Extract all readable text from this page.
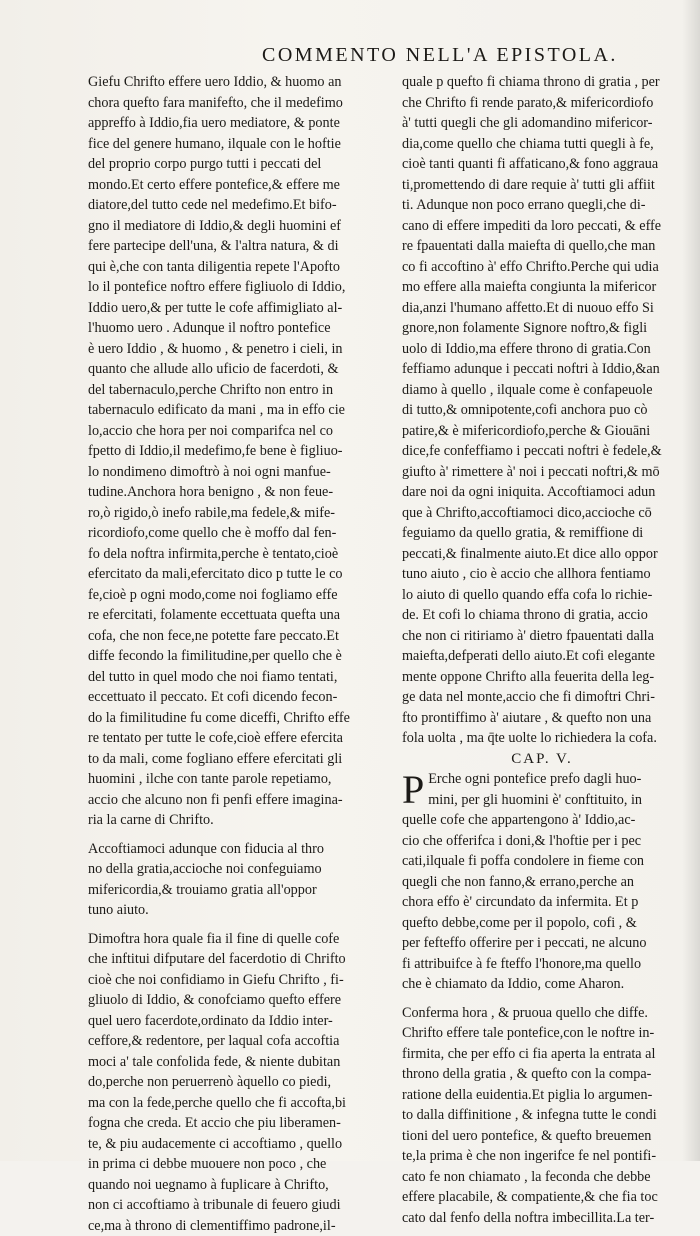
COMMENTO NELL'A EPISTOLA.
Giefu Chrifto effere uero Iddio, & huomo an
chora quefto fara manifefto, che il medefimo
appreffo à Iddio,fia uero mediatore, & ponte
fice del genere humano, ilquale con le hoftie
del proprio corpo purgo tutti i peccati del
mondo.Et certo effere pontefice,& effere me
diatore,del tutto cede nel medefimo.Et bifo-
gno il mediatore di Iddio,& degli huomini ef
fere partecipe dell'una, & l'altra natura, & di
qui è,che con tanta diligentia repete l'Apofto
lo il pontefice noftro effere figliuolo di Iddio,
Iddio uero,& per tutte le cofe affimigliato al-
l'huomo uero . Adunque il noftro pontefice
è uero Iddio , & huomo , & penetro i cieli, in
quanto che allude allo uficio de facerdoti, &
del tabernaculo,perche Chrifto non entro in
tabernaculo edificato da mani , ma in effo cie
lo,accio che hora per noi comparifca nel co
fpetto di Iddio,il medefimo,fe bene è figliuo-
lo nondimeno dimoftrò à noi ogni manfue-
tudine.Anchora hora benigno , & non feue-
ro,ò rigido,ò inefo rabile,ma fedele,& mife-
ricordiofo,come quello che è moffo dal fen-
fo dela noftra infirmita,perche è tentato,cioè
efercitato da mali,efercitato dico p tutte le co
fe,cioè p ogni modo,come noi fogliamo effe
re efercitati, folamente eccettuata quefta una
cofa, che non fece,ne potette fare peccato.Et
diffe fecondo la fimilitudine,per quello che è
del tutto in quel modo che noi fiamo tentati,
eccettuato il peccato. Et cofi dicendo fecon-
do la fimilitudine fu come diceffi, Chrifto effe
re tentato per tutte le cofe,cioè effere efercita
to da mali, come fogliano effere efercitati gli
huomini , ilche con tante parole repetiamo,
accio che alcuno non fi penfi effere imagina-
ria la carne di Chrifto.
Accoftiamoci adunque con fiducia al thro
no della gratia,accioche noi confeguiamo
mifericordia,& trouiamo gratia all'oppor
tuno aiuto.
Dimoftra hora quale fia il fine di quelle cofe
che inftitui difputare del facerdotio di Chrifto
cioè che noi confidiamo in Giefu Chrifto , fi-
gliuolo di Iddio, & conofciamo quefto effere
quel uero facerdote,ordinato da Iddio inter-
ceffore,& redentore, per laqual cofa accoftia
moci a' tale confolida fede, & niente dubitan
do,perche non peruerrenò àquello co piedi,
ma con la fede,perche quello che fi accofta,bi
fogna che creda. Et accio che piu liberamen-
te, & piu audacemente ci accoftiamo , quello
in prima ci debbe muouere non poco , che
quando noi uegnamo à fuplicare à Chrifto,
non ci accoftiamo à tribunale di feuero giudi
ce,ma à throno di clementiffimo padrone,il-
quale p quefto fi chiama throno di gratia , per
che Chrifto fi rende parato,& mifericordiofo
à' tutti quegli che gli adomandino mifericor-
dia,come quello che chiama tutti quegli à fe,
cioè tanti quanti fi affaticano,& fono aggraua
ti,promettendo di dare requie à' tutti gli affiit
ti. Adunque non poco errano quegli,che di-
cano di effere impediti da loro peccati, & effe
re fpauentati dalla maiefta di quello,che man
co fi accoftino à' effo Chrifto.Perche qui udia
mo effere alla maiefta congiunta la mifericor
dia,anzi l'humano affetto.Et di nuouo effo Si
gnore,non folamente Signore noftro,& figli
uolo di Iddio,ma effere throno di gratia.Con
feffiamo adunque i peccati noftri à Iddio,&an
diamo à quello , ilquale come è confapeuole
di tutto,& omnipotente,cofi anchora puo cò
patire,& è mifericordiofo,perche & Giouāni
dice,fe confeffiamo i peccati noftri è fedele,&
giufto à' rimettere à' noi i peccati noftri,& mō
dare noi da ogni iniquita. Accoftiamoci adun
que à Chrifto,accoftiamoci dico,accioche cō
feguiamo da quello gratia, & remiffione di
peccati,& finalmente aiuto.Et dice allo oppor
tuno aiuto , cio è accio che allhora fentiamo
lo aiuto di quello quando effa cofa lo richie-
de. Et cofi lo chiama throno di gratia, accio
che non ci ritiriamo à' dietro fpauentati dalla
maiefta,defperati dello aiuto.Et cofi elegante
mente oppone Chrifto alla feuerita della leg-
ge data nel monte,accio che fi dimoftri Chri-
fto prontiffimo à' aiutare , & quefto non una
fola uolta , ma q̄te uolte lo richiedera la cofa.
CAP. V.
P Erche ogni pontefice prefo dagli huo-
mini, per gli huomini è' conftituito, in
quelle cofe che appartengono à' Iddio,ac-
cio che offerifca i doni,& l'hoftie per i pec
cati,ilquale fi poffa condolere in fieme con
quegli che non fanno,& errano,perche an
chora effo è' circundato da infermita. Et p
quefto debbe,come per il popolo, cofi , &
per fefteffo offerire per i peccati, ne alcuno
fi attribuifce à fe fteffo l'honore,ma quello
che è chiamato da Iddio, come Aharon.
Conferma hora , & pruoua quello che diffe.
Chrifto effere tale pontefice,con le noftre in-
firmita, che per effo ci fia aperta la entrata al
throno della gratia , & quefto con la compa-
ratione della euidentia.Et piglia lo argumen-
to dalla diffinitione , & infegna tutte le condi
tioni del uero pontefice, & quefto breuemen
te,la prima è che non ingerifce fe nel pontifi-
cato fe non chiamato , la feconda che debbe
effere placabile, & compatiente,& che fia toc
cato dal fenfo della noftra imbecillita.La ter-
